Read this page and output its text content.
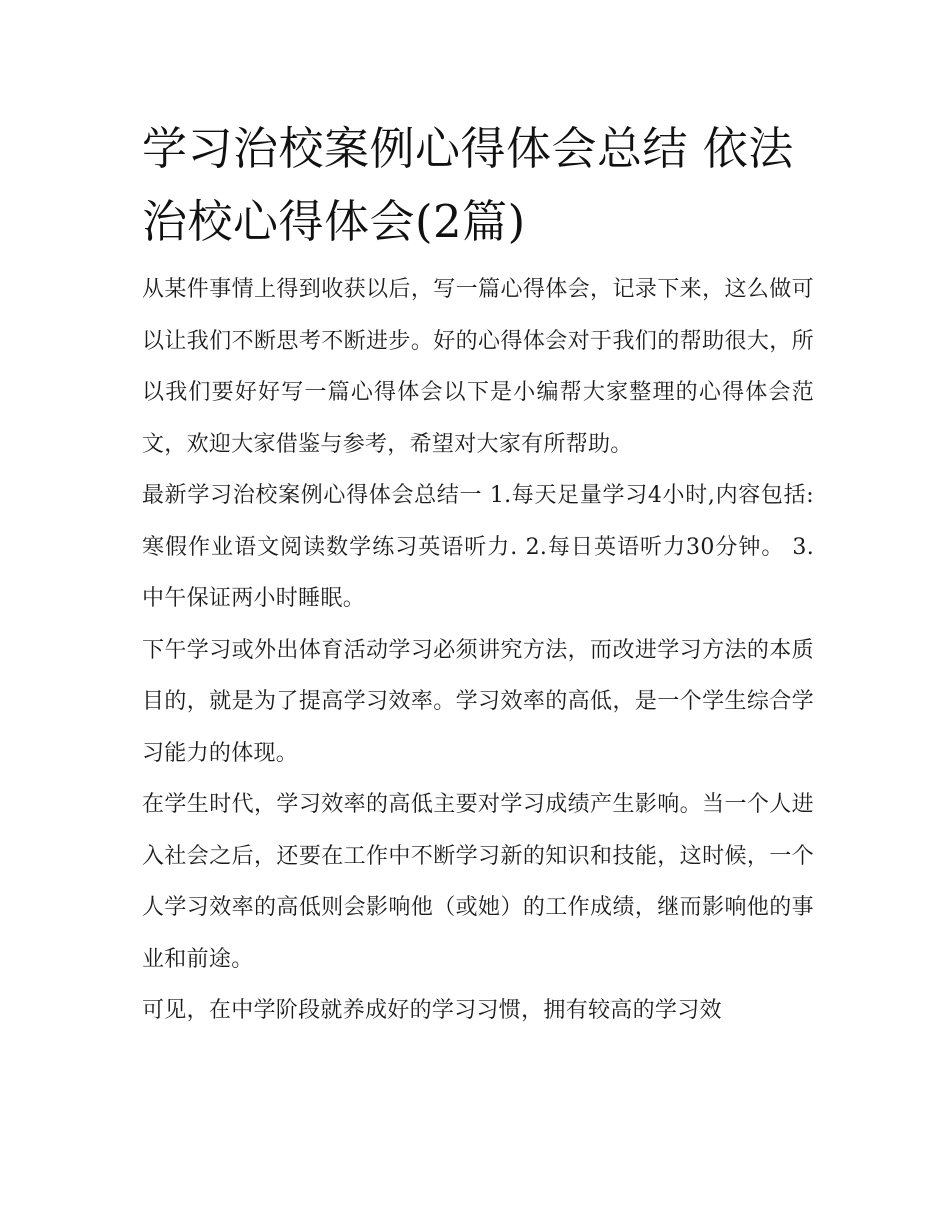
学习治校案例心得体会总结 依法治校心得体会(2篇)

从某件事情上得到收获以后，写一篇心得体会，记录下来，这么做可以让我们不断思考不断进步。好的心得体会对于我们的帮助很大，所以我们要好好写一篇心得体会以下是小编帮大家整理的心得体会范文，欢迎大家借鉴与参考，希望对大家有所帮助。

最新学习治校案例心得体会总结一 1.每天足量学习4小时,内容包括:寒假作业语文阅读数学练习英语听力. 2.每日英语听力30分钟。 3.中午保证两小时睡眠。

下午学习或外出体育活动学习必须讲究方法，而改进学习方法的本质目的，就是为了提高学习效率。学习效率的高低，是一个学生综合学习能力的体现。

在学生时代，学习效率的高低主要对学习成绩产生影响。当一个人进入社会之后，还要在工作中不断学习新的知识和技能，这时候，一个人学习效率的高低则会影响他（或她）的工作成绩，继而影响他的事业和前途。

可见，在中学阶段就养成好的学习习惯，拥有较高的学习效
